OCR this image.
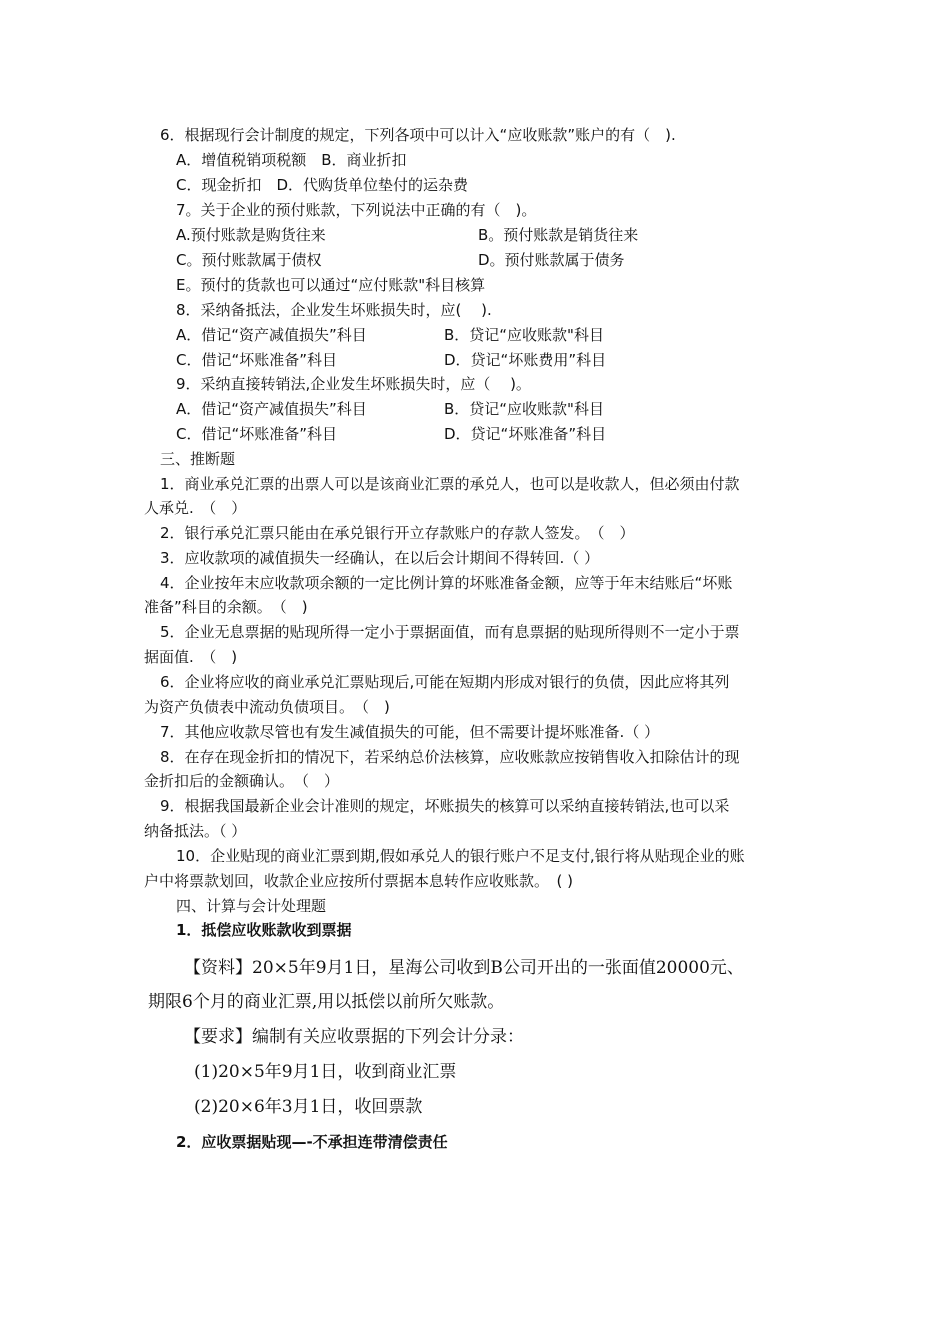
6．根据现行会计制度的规定，下列各项中可以计入“应收账款”账户的有（　).
A．增值税销项税额　B．商业折扣
C．现金折扣　D．代购货单位垫付的运杂费
7。关于企业的预付账款，下列说法中正确的有（　)。
A.预付账款是购货往来	B。预付账款是销货往来
C。预付账款属于债权	D。预付账款属于债务
E。预付的货款也可以通过“应付账款"科目核算
8．采纳备抵法，企业发生坏账损失时，应(　 ).
A．借记“资产减值损失”科目	B．贷记“应收账款"科目
C．借记“坏账准备”科目	D．贷记“坏账费用”科目
9．采纳直接转销法,企业发生坏账损失时，应（　 )。
A．借记“资产减值损失”科目	B．贷记“应收账款"科目
C．借记“坏账准备”科目	D．贷记“坏账准备”科目
三、推断题
1．商业承兑汇票的出票人可以是该商业汇票的承兑人，也可以是收款人，但必须由付款
人承兑.　（　）
2．银行承兑汇票只能由在承兑银行开立存款账户的存款人签发。　（　）
3．应收款项的减值损失一经确认，在以后会计期间不得转回.（ ）
4．企业按年末应收款项余额的一定比例计算的坏账准备金额，应等于年末结账后“坏账
准备”科目的余额。　（　)
5．企业无息票据的贴现所得一定小于票据面值，而有息票据的贴现所得则不一定小于票
据面值.　（　)
6．企业将应收的商业承兑汇票贴现后,可能在短期内形成对银行的负债，因此应将其列
为资产负债表中流动负债项目。　（　)
7．其他应收款尽管也有发生减值损失的可能，但不需要计提坏账准备.（ ）
8．在存在现金折扣的情况下，若采纳总价法核算，应收账款应按销售收入扣除估计的现
金折扣后的金额确认。　（　）
9．根据我国最新企业会计准则的规定，坏账损失的核算可以采纳直接转销法,也可以采
纳备抵法。（ ）
10．企业贴现的商业汇票到期,假如承兑人的银行账户不足支付,银行将从贴现企业的账
户中将票款划回，收款企业应按所付票据本息转作应收账款。　( )
四、计算与会计处理题
1．抵偿应收账款收到票据
【资料】20×5年9月1日，星海公司收到B公司开出的一张面值20000元、
期限6个月的商业汇票,用以抵偿以前所欠账款。
【要求】编制有关应收票据的下列会计分录：
(1)20×5年9月1日，收到商业汇票
(2)20×6年3月1日，收回票款
2．应收票据贴现—-不承担连带清偿责任
